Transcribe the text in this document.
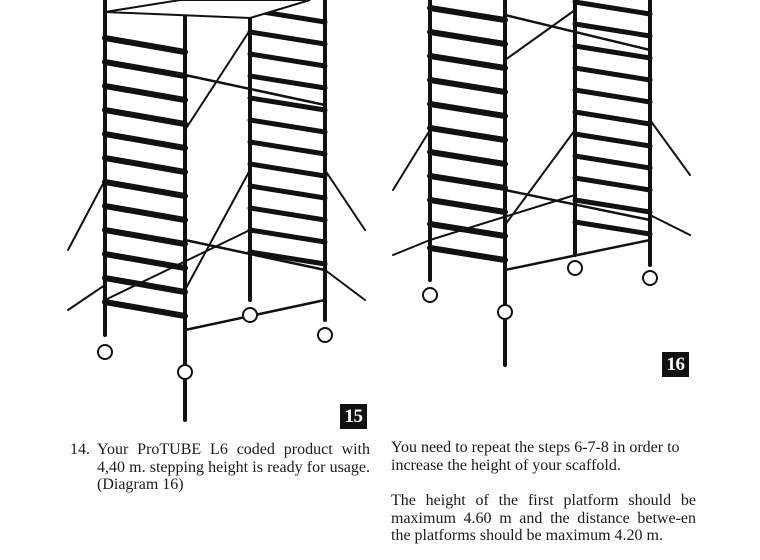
15
16
14. Your ProTUBE L6 coded product with 4,40 m. stepping height is ready for usage. (Diagram 16)
You need to repeat the steps 6-7-8 in order to increase the height of your scaffold.
The height of the first platform should be maximum 4.60 m and the distance betwe-en the platforms should be maximum 4.20 m.
